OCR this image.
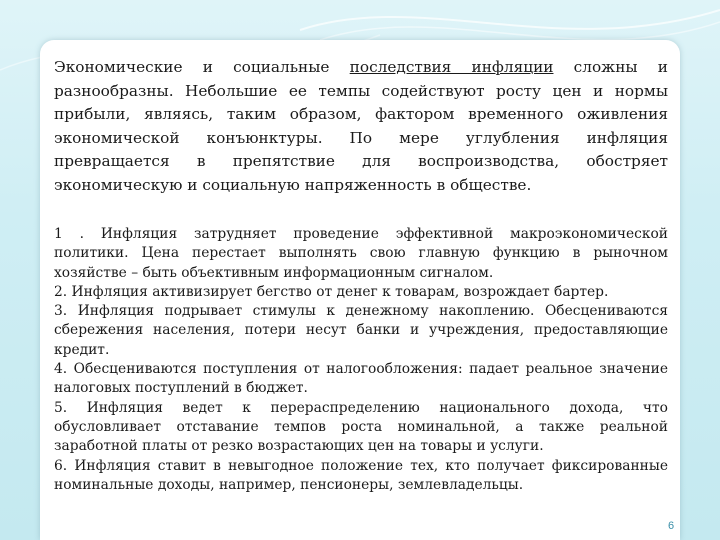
Экономические и социальные последствия инфляции сложны и разнообразны. Небольшие ее темпы содействуют росту цен и нормы прибыли, являясь, таким образом, фактором временного оживления экономической конъюнктуры. По мере углубления инфляция превращается в препятствие для воспроизводства, обостряет экономическую и социальную напряженность в обществе.

1 . Инфляция затрудняет проведение эффективной макроэкономической политики. Цена перестает выполнять свою главную функцию в рыночном хозяйстве – быть объективным информационным сигналом.

2. Инфляция активизирует бегство от денег к товарам, возрождает бартер.

3. Инфляция подрывает стимулы к денежному накоплению. Обесцениваются сбережения населения, потери несут банки и учреждения, предоставляющие кредит.

4. Обесцениваются поступления от налогообложения: падает реальное значение налоговых поступлений в бюджет.

5. Инфляция ведет к перераспределению национального дохода, что обусловливает отставание темпов роста номинальной, а также реальной заработной платы от резко возрастающих цен на товары и услуги.

6. Инфляция ставит в невыгодное положение тех, кто получает фиксированные номинальные доходы, например, пенсионеры, землевладельцы.

6
